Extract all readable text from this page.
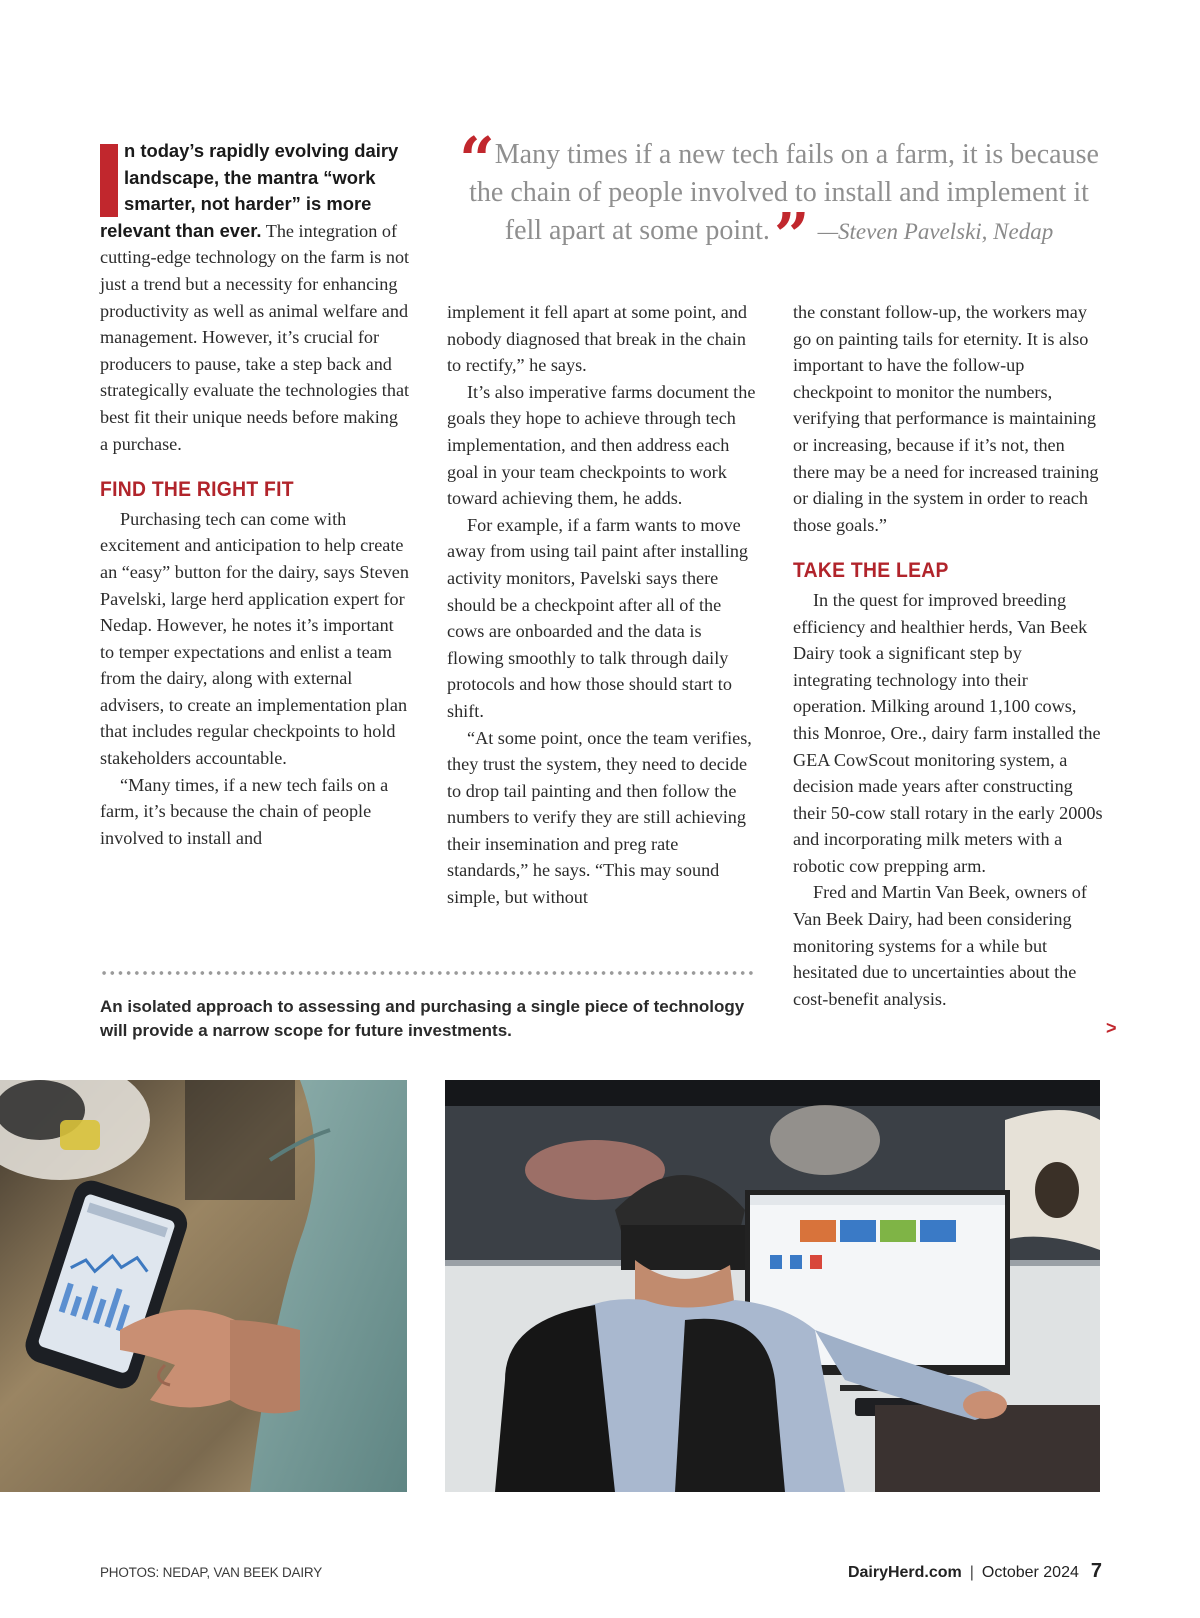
“Many times if a new tech fails on a farm, it is because the chain of people involved to install and implement it fell apart at some point.” —Steven Pavelski, Nedap
n today’s rapidly evolving dairy landscape, the mantra “work smarter, not harder” is more relevant than ever. The integration of cutting-edge technology on the farm is not just a trend but a necessity for enhancing productivity as well as animal welfare and management. However, it’s crucial for producers to pause, take a step back and strategically evaluate the technologies that best fit their unique needs before making a purchase.
FIND THE RIGHT FIT

Purchasing tech can come with excitement and anticipation to help create an “easy” button for the dairy, says Steven Pavelski, large herd application expert for Nedap. However, he notes it’s important to temper expectations and enlist a team from the dairy, along with external advisers, to create an implementation plan that includes regular checkpoints to hold stakeholders accountable.

“Many times, if a new tech fails on a farm, it’s because the chain of people involved to install and

implement it fell apart at some point, and nobody diagnosed that break in the chain to rectify,” he says.

It’s also imperative farms document the goals they hope to achieve through tech implementation, and then address each goal in your team checkpoints to work toward achieving them, he adds.

For example, if a farm wants to move away from using tail paint after installing activity monitors, Pavelski says there should be a checkpoint after all of the cows are onboarded and the data is flowing smoothly to talk through daily protocols and how those should start to shift.

“At some point, once the team verifies, they trust the system, they need to decide to drop tail painting and then follow the numbers to verify they are still achieving their insemination and preg rate standards,” he says. “This may sound simple, but without

the constant follow-up, the workers may go on painting tails for eternity. It is also important to have the follow-up checkpoint to monitor the numbers, verifying that performance is maintaining or increasing, because if it’s not, then there may be a need for increased training or dialing in the system in order to reach those goals.”

TAKE THE LEAP

In the quest for improved breeding efficiency and healthier herds, Van Beek Dairy took a significant step by integrating technology into their operation. Milking around 1,100 cows, this Monroe, Ore., dairy farm installed the GEA CowScout monitoring system, a decision made years after constructing their 50-cow stall rotary in the early 2000s and incorporating milk meters with a robotic cow prepping arm.

Fred and Martin Van Beek, owners of Van Beek Dairy, had been considering monitoring systems for a while but hesitated due to uncertainties about the cost-benefit analysis.

An isolated approach to assessing and purchasing a single piece of technology will provide a narrow scope for future investments.	>
PHOTOS: NEDAP, VAN BEEK DAIRY	DairyHerd.com | October 2024 7
